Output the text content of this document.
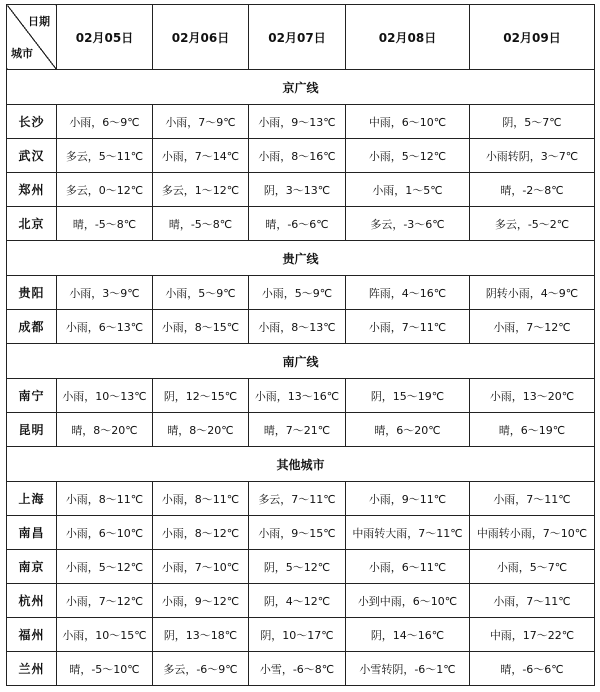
日期
城市	02月05日	02月06日	02月07日	02月08日	02月09日
京广线					
长沙	小雨，6～9℃	小雨，7～9℃	小雨，9～13℃	中雨，6～10℃	阴，5～7℃
武汉	多云，5～11℃	小雨，7～14℃	小雨，8～16℃	小雨，5～12℃	小雨转阴，3～7℃
郑州	多云，0～12℃	多云，1～12℃	阴，3～13℃	小雨，1～5℃	晴，-2～8℃
北京	晴，-5～8℃	晴，-5～8℃	晴，-6～6℃	多云，-3～6℃	多云，-5～2℃
贵广线					
贵阳	小雨，3～9℃	小雨，5～9℃	小雨，5～9℃	阵雨，4～16℃	阴转小雨，4～9℃
成都	小雨，6～13℃	小雨，8～15℃	小雨，8～13℃	小雨，7～11℃	小雨，7～12℃
南广线					
南宁	小雨，10～13℃	阴，12～15℃	小雨，13～16℃	阴，15～19℃	小雨，13～20℃
昆明	晴，8～20℃	晴，8～20℃	晴，7～21℃	晴，6～20℃	晴，6～19℃
其他城市					
上海	小雨，8～11℃	小雨，8～11℃	多云，7～11℃	小雨，9～11℃	小雨，7～11℃
南昌	小雨，6～10℃	小雨，8～12℃	小雨，9～15℃	中雨转大雨，7～11℃	中雨转小雨，7～10℃
南京	小雨，5～12℃	小雨，7～10℃	阴，5～12℃	小雨，6～11℃	小雨，5～7℃
杭州	小雨，7～12℃	小雨，9～12℃	阴，4～12℃	小到中雨，6～10℃	小雨，7～11℃
福州	小雨，10～15℃	阴，13～18℃	阴，10～17℃	阴，14～16℃	中雨，17～22℃
兰州	晴，-5～10℃	多云，-6～9℃	小雪，-6～8℃	小雪转阴，-6～1℃	晴，-6～6℃
